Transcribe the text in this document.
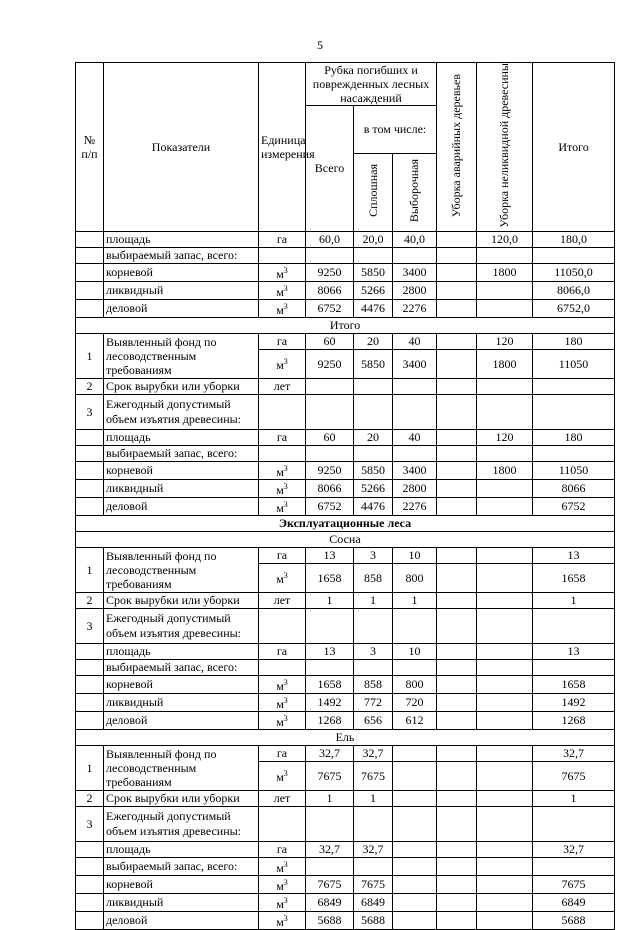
5
№ п/п	Показатели	Единица измерения	Рубка погибших и поврежденных лесных насаждений			Уборка аварийных деревьев	Уборка неликвидной древесины	Итого
			Всего	в том числе:				
				Сплошная	Выборочная			
	площадь	га	60,0	20,0	40,0		120,0	180,0
	выбираемый запас, всего:							
	корневой	$м^3$	9250	5850	3400		1800	11050,0
	ликвидный	$м^3$	8066	5266	2800			8066,0
	деловой	$м^3$	6752	4476	2276			6752,0
Итого								
1	Выявленный фонд по лесоводственным требованиям	га	60	20	40		120	180
		$м^3$	9250	5850	3400		1800	11050
2	Срок вырубки или уборки	лет						
3	Ежегодный допустимый объем изъятия древесины:							
	площадь	га	60	20	40		120	180
	выбираемый запас, всего:							
	корневой	$м^3$	9250	5850	3400		1800	11050
	ликвидный	$м^3$	8066	5266	2800			8066
	деловой	$м^3$	6752	4476	2276			6752
Эксплуатационные леса								
Сосна								
1	Выявленный фонд по лесоводственным требованиям	га	13	3	10			13
		$м^3$	1658	858	800			1658
2	Срок вырубки или уборки	лет	1	1	1			1
3	Ежегодный допустимый объем изъятия древесины:							
	площадь	га	13	3	10			13
	выбираемый запас, всего:							
	корневой	$м^3$	1658	858	800			1658
	ликвидный	$м^3$	1492	772	720			1492
	деловой	$м^3$	1268	656	612			1268
Ель								
1	Выявленный фонд по лесоводственным требованиям	га	32,7	32,7				32,7
		$м^3$	7675	7675				7675
2	Срок вырубки или уборки	лет	1	1				1
3	Ежегодный допустимый объем изъятия древесины:							
	площадь	га	32,7	32,7				32,7
	выбираемый запас, всего:	$м^3$						
	корневой	$м^3$	7675	7675				7675
	ликвидный	$м^3$	6849	6849				6849
	деловой	$м^3$	5688	5688				5688
